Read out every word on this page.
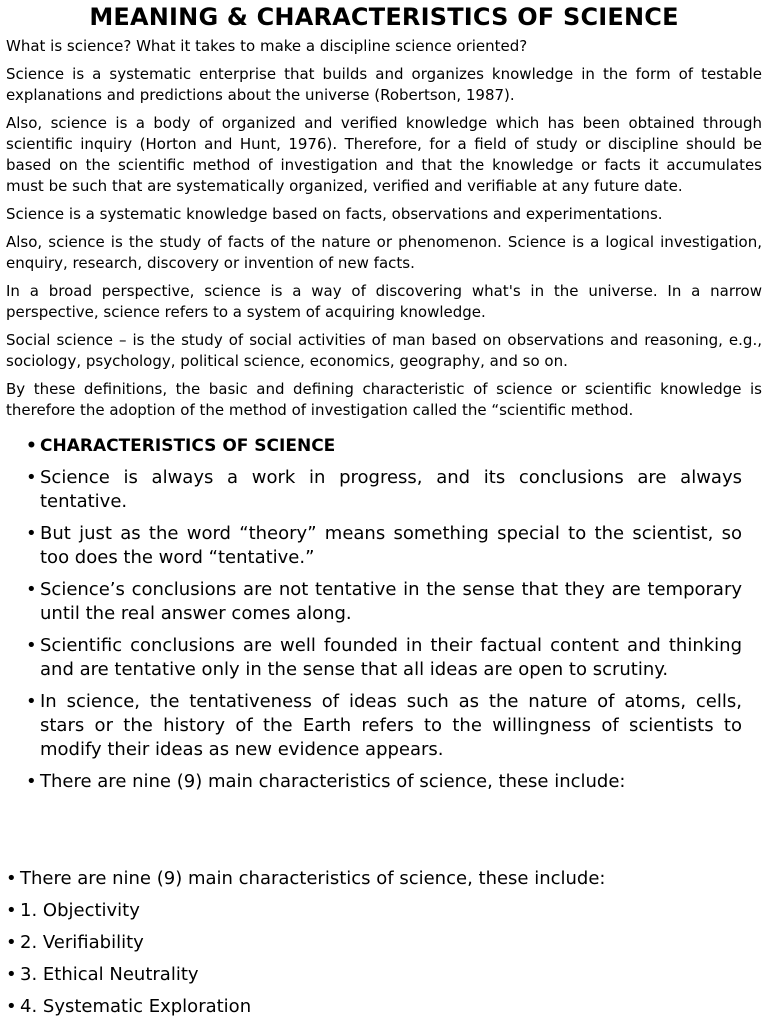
MEANING & CHARACTERISTICS OF SCIENCE

What is science? What it takes to make a discipline science oriented?

Science is a systematic enterprise that builds and organizes knowledge in the form of testable explanations and predictions about the universe (Robertson, 1987).

Also, science is a body of organized and verified knowledge which has been obtained through scientific inquiry (Horton and Hunt, 1976). Therefore, for a field of study or discipline should be based on the scientific method of investigation and that the knowledge or facts it accumulates must be such that are systematically organized, verified and verifiable at any future date.

Science is a systematic knowledge based on facts, observations and experimentations.

Also, science is the study of facts of the nature or phenomenon. Science is a logical investigation, enquiry, research, discovery or invention of new facts.

In a broad perspective, science is a way of discovering what's in the universe. In a narrow perspective, science refers to a system of acquiring knowledge.

Social science – is the study of social activities of man based on observations and reasoning, e.g., sociology, psychology, political science, economics, geography, and so on.

By these definitions, the basic and defining characteristic of science or scientific knowledge is therefore the adoption of the method of investigation called the “scientific method.

• CHARACTERISTICS OF SCIENCE
• Science is always a work in progress, and its conclusions are always tentative.
• But just as the word “theory” means something special to the scientist, so too does the word “tentative.”
• Science’s conclusions are not tentative in the sense that they are temporary until the real answer comes along.
• Scientific conclusions are well founded in their factual content and thinking and are tentative only in the sense that all ideas are open to scrutiny.
• In science, the tentativeness of ideas such as the nature of atoms, cells, stars or the history of the Earth refers to the willingness of scientists to modify their ideas as new evidence appears.
• There are nine (9) main characteristics of science, these include:
• There are nine (9) main characteristics of science, these include:
• 1. Objectivity
• 2. Verifiability
• 3. Ethical Neutrality
• 4. Systematic Exploration
